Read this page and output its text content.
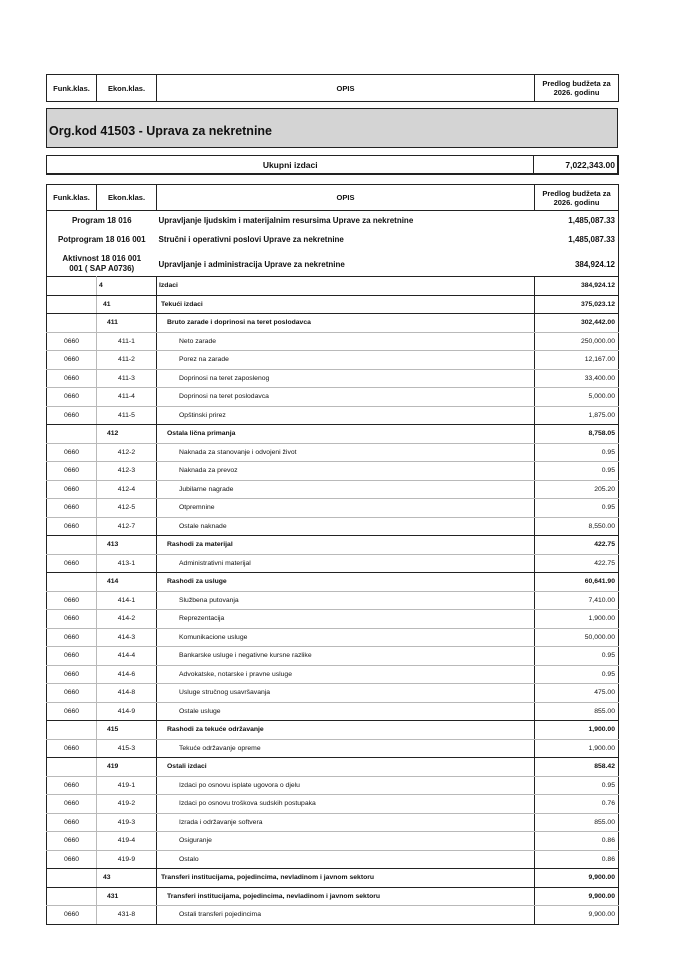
Funk.klas.	Ekon.klas.	OPIS	Predlog budžeta za
2026. godinu
Org.kod 41503 - Uprava za nekretnine
Ukupni izdaci	7,022,343.00
Funk.klas.	Ekon.klas.	OPIS	Predlog budžeta za
2026. godinu
Program 18 016	Upravljanje ljudskim i materijalnim resursima Uprave za nekretnine	1,485,087.33
Potprogram 18 016 001	Stručni i operativni poslovi Uprave za nekretnine	1,485,087.33

Aktivnost 18 016 001
001 ( SAP A0736)	Upravljanje i administracija Uprave za nekretnine	384,924.12
	4	Izdaci	384,924.12
	41	Tekući izdaci	375,023.12
	411	Bruto zarade i doprinosi na teret poslodavca	302,442.00
0660	411-1	Neto zarade	250,000.00
0660	411-2	Porez na zarade	12,167.00
0660	411-3	Doprinosi na teret zaposlenog	33,400.00
0660	411-4	Doprinosi na teret poslodavca	5,000.00
0660	411-5	Opštinski prirez	1,875.00
	412	Ostala lična primanja	8,758.05
0660	412-2	Naknada za stanovanje i odvojeni život	0.95
0660	412-3	Naknada za prevoz	0.95
0660	412-4	Jubilarne nagrade	205.20
0660	412-5	Otpremnine	0.95
0660	412-7	Ostale naknade	8,550.00
	413	Rashodi za materijal	422.75
0660	413-1	Administrativni materijal	422.75
	414	Rashodi za usluge	60,641.90
0660	414-1	Službena putovanja	7,410.00
0660	414-2	Reprezentacija	1,900.00
0660	414-3	Komunikacione usluge	50,000.00
0660	414-4	Bankarske usluge i negativne kursne razlike	0.95
0660	414-6	Advokatske, notarske i pravne usluge	0.95
0660	414-8	Usluge stručnog usavršavanja	475.00
0660	414-9	Ostale usluge	855.00
	415	Rashodi za tekuće održavanje	1,900.00
0660	415-3	Tekuće održavanje opreme	1,900.00
	419	Ostali izdaci	858.42
0660	419-1	Izdaci po osnovu isplate ugovora o djelu	0.95
0660	419-2	Izdaci po osnovu troškova sudskih postupaka	0.76
0660	419-3	Izrada i održavanje softvera	855.00
0660	419-4	Osiguranje	0.86
0660	419-9	Ostalo	0.86
	43	Transferi institucijama, pojedincima, nevladinom i javnom sektoru	9,900.00
	431	Transferi institucijama, pojedincima, nevladinom i javnom sektoru	9,900.00
0660	431-8	Ostali transferi pojedincima	9,900.00
